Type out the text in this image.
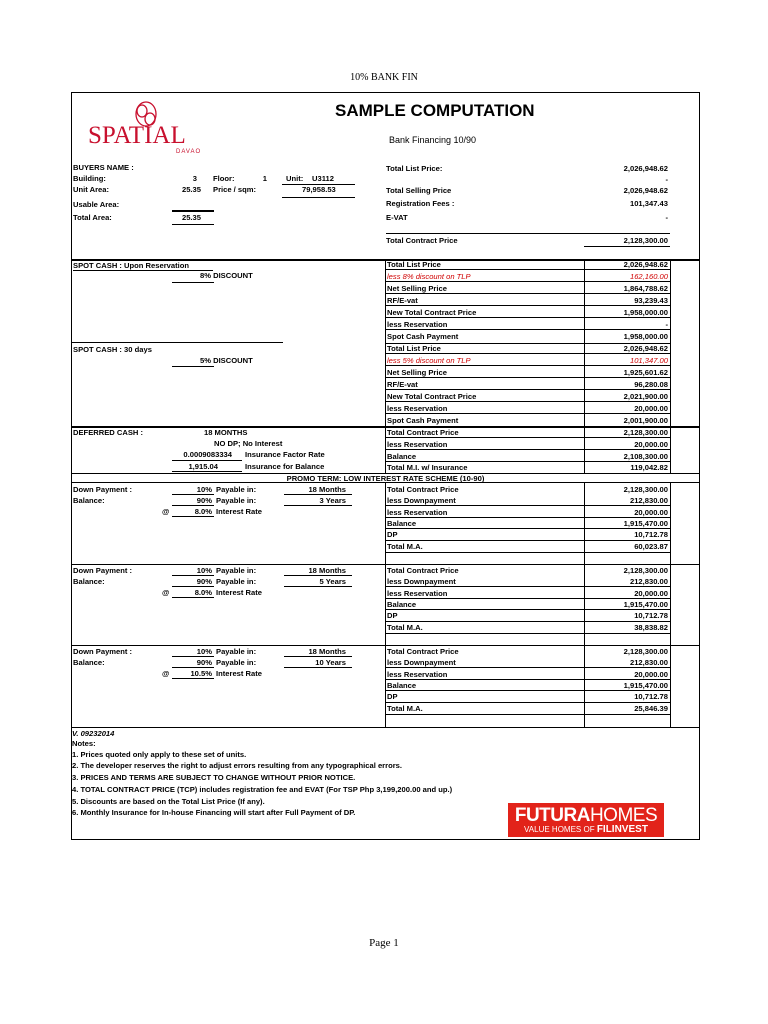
10% BANK FIN
SPATIAL
DAVAO
SAMPLE COMPUTATION
Bank Financing 10/90
BUYERS NAME :
Building:	3 Floor:	1	Unit: U3112
Unit Area:	25.35 Price / sqm:	79,958.53
Usable Area:
Total Area:	25.35
Total List Price:	2,026,948.62
-
Total Selling Price	2,026,948.62
Registration Fees :	101,347.43
E-VAT	-
Total Contract Price	2,128,300.00
SPOT CASH : Upon Reservation
8% DISCOUNT
Total List Price	2,026,948.62
less 8% discount on TLP	162,160.00
Net Selling Price	1,864,788.62
RF/E-vat	93,239.43
New Total Contract Price	1,958,000.00
less Reservation	-
Spot Cash Payment	1,958,000.00
SPOT CASH : 30 days
5% DISCOUNT
Total List Price	2,026,948.62
less 5% discount on TLP	101,347.00
Net Selling Price	1,925,601.62
RF/E-vat	96,280.08
New Total Contract Price	2,021,900.00
less Reservation	20,000.00
Spot Cash Payment	2,001,900.00
DEFERRED CASH :	18 MONTHS
NO DP; No Interest
0.0009083334 Insurance Factor Rate
1,915.04	Insurance for Balance
Total Contract Price	2,128,300.00
less Reservation	20,000.00
Balance	2,108,300.00
Total M.I. w/ Insurance	119,042.82
PROMO TERM: LOW INTEREST RATE SCHEME (10-90)
Down Payment :	10% Payable in:	18 Months
Balance:	90% Payable in:	3 Years
@	8.0% Interest Rate
Total Contract Price	2,128,300.00
less Downpayment	212,830.00
less Reservation	20,000.00
Balance	1,915,470.00
DP	10,712.78
Total M.A.	60,023.87
Down Payment :	10% Payable in:	18 Months
Balance:	90% Payable in:	5 Years
@	8.0% Interest Rate
Total Contract Price	2,128,300.00
less Downpayment	212,830.00
less Reservation	20,000.00
Balance	1,915,470.00
DP	10,712.78
Total M.A.	38,838.82
Down Payment :	10% Payable in:	18 Months
Balance:	90% Payable in:	10 Years
@	10.5% Interest Rate
Total Contract Price	2,128,300.00
less Downpayment	212,830.00
less Reservation	20,000.00
Balance	1,915,470.00
DP	10,712.78
Total M.A.	25,846.39
V. 09232014
Notes:
1. Prices quoted only apply to these set of units.
2. The developer reserves the right to adjust errors resulting from any typographical errors.
3. PRICES AND TERMS ARE SUBJECT TO CHANGE WITHOUT PRIOR NOTICE.
4. TOTAL CONTRACT PRICE (TCP) includes registration fee and EVAT (For TSP Php 3,199,200.00 and up.)
5. Discounts are based on the Total List Price (If any).
6. Monthly Insurance for In-house Financing will start after Full Payment of DP.	FUTURAHOMES
VALUE HOMES OF FILINVEST
Page 1
